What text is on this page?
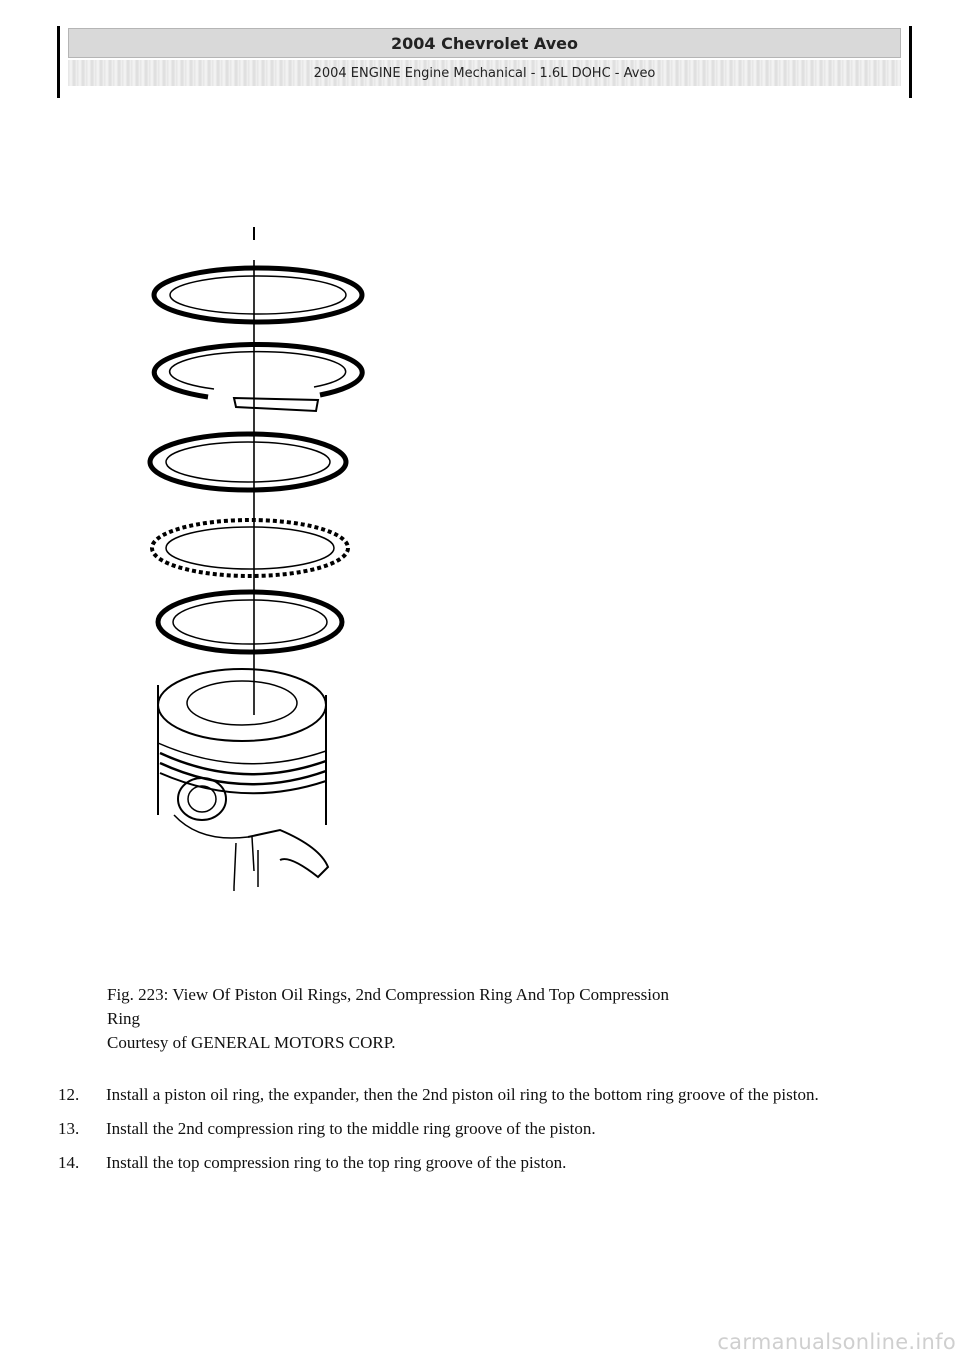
2004 Chevrolet Aveo
2004 ENGINE Engine Mechanical - 1.6L DOHC - Aveo

Fig. 223: View Of Piston Oil Rings, 2nd Compression Ring And Top Compression

Ring

Courtesy of GENERAL MOTORS CORP.

12.	Install a piston oil ring, the expander, then the 2nd piston oil ring to the bottom ring groove of the piston.
13.	Install the 2nd compression ring to the middle ring groove of the piston.
14.	Install the top compression ring to the top ring groove of the piston.
carmanualsonline.info
